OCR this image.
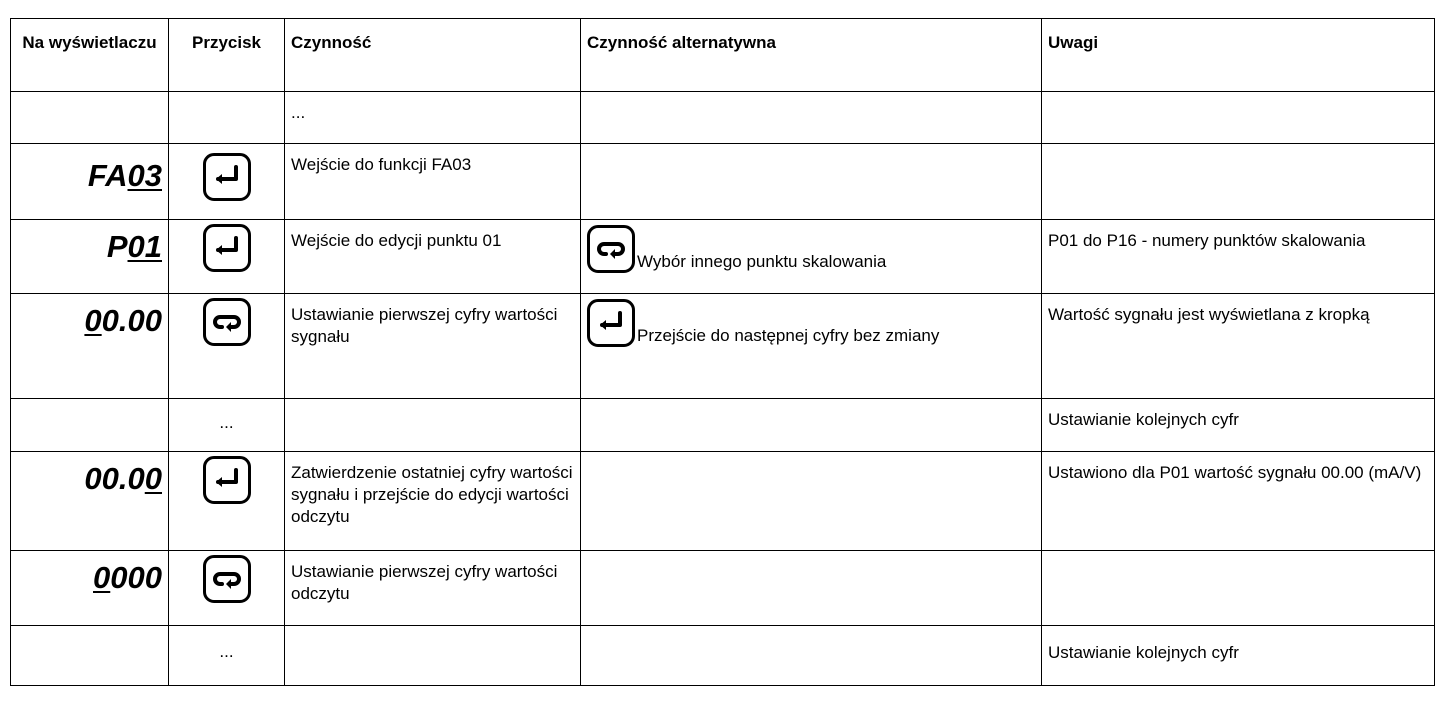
Na wyświetlaczu	Przycisk	Czynność	Czynność alternatywna	Uwagi

		...		

FA03		Wejście do funkcji FA03		

P01		Wejście do edycji punktu 01	Wybór innego punktu skalowania	P01 do P16 - numery punktów skalowania

00.00		Ustawianie pierwszej cyfry wartości sygnału	Przejście do następnej cyfry bez zmiany	Wartość sygnału jest wyświetlana z kropką

	...			Ustawianie kolejnych cyfr

00.00		Zatwierdzenie ostatniej cyfry wartości sygnału i przejście do edycji wartości odczytu		Ustawiono dla P01 wartość sygnału 00.00 (mA/V)

0000		Ustawianie pierwszej cyfry wartości odczytu		

	...			Ustawianie kolejnych cyfr
